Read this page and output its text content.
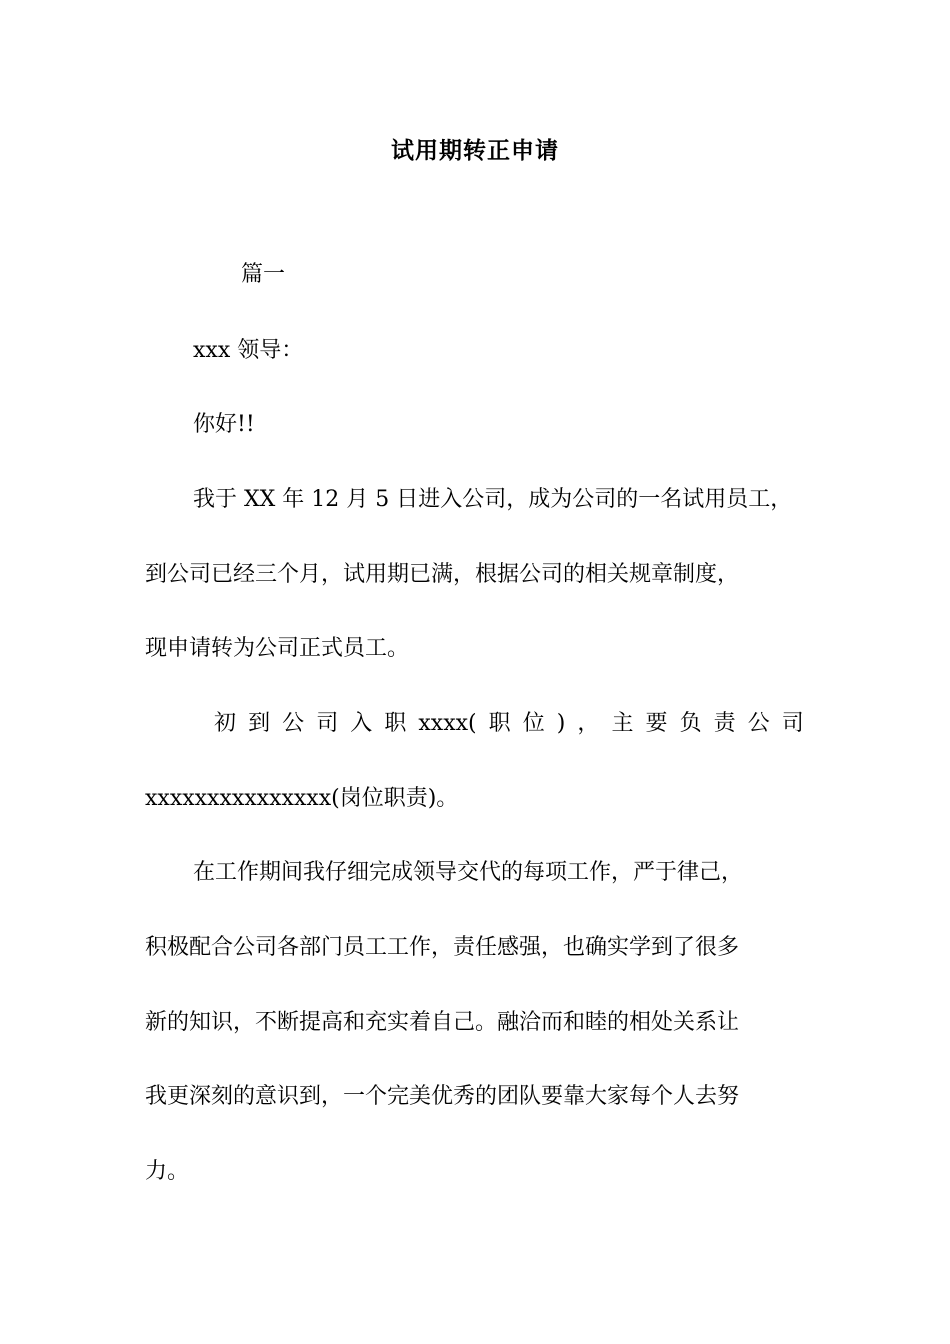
试用期转正申请
篇一
xxx 领导：
你好!!
我于 XX 年 12 月 5 日进入公司，成为公司的一名试用员工，
到公司已经三个月，试用期已满，根据公司的相关规章制度，
现申请转为公司正式员工。
初 到 公 司 入 职 xxxx( 职 位 ) ， 主 要 负 责 公 司
xxxxxxxxxxxxxxx(岗位职责)。
在工作期间我仔细完成领导交代的每项工作，严于律己，
积极配合公司各部门员工工作，责任感强，也确实学到了很多
新的知识，不断提高和充实着自己。融洽而和睦的相处关系让
我更深刻的意识到，一个完美优秀的团队要靠大家每个人去努
力。
